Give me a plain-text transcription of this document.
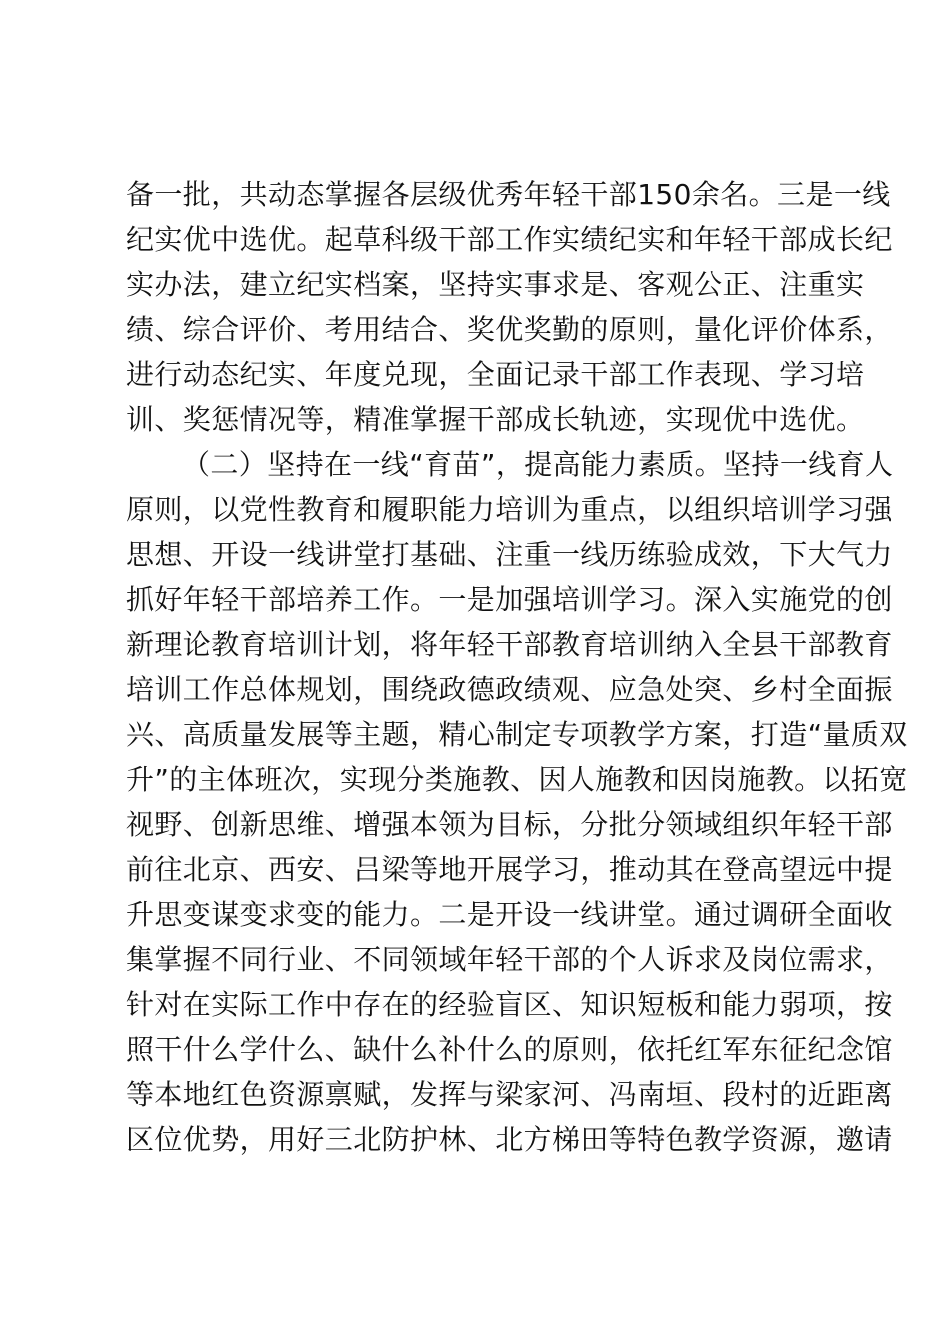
备一批，共动态掌握各层级优秀年轻干部150余名。三是一线
纪实优中选优。起草科级干部工作实绩纪实和年轻干部成长纪
实办法，建立纪实档案，坚持实事求是、客观公正、注重实
绩、综合评价、考用结合、奖优奖勤的原则，量化评价体系，
进行动态纪实、年度兑现，全面记录干部工作表现、学习培
训、奖惩情况等，精准掌握干部成长轨迹，实现优中选优。
（二）坚持在一线“育苗”，提高能力素质。坚持一线育人
原则，以党性教育和履职能力培训为重点，以组织培训学习强
思想、开设一线讲堂打基础、注重一线历练验成效，下大气力
抓好年轻干部培养工作。一是加强培训学习。深入实施党的创
新理论教育培训计划，将年轻干部教育培训纳入全县干部教育
培训工作总体规划，围绕政德政绩观、应急处突、乡村全面振
兴、高质量发展等主题，精心制定专项教学方案，打造“量质双
升”的主体班次，实现分类施教、因人施教和因岗施教。以拓宽
视野、创新思维、增强本领为目标，分批分领域组织年轻干部
前往北京、西安、吕梁等地开展学习，推动其在登高望远中提
升思变谋变求变的能力。二是开设一线讲堂。通过调研全面收
集掌握不同行业、不同领域年轻干部的个人诉求及岗位需求，
针对在实际工作中存在的经验盲区、知识短板和能力弱项，按
照干什么学什么、缺什么补什么的原则，依托红军东征纪念馆
等本地红色资源禀赋，发挥与梁家河、冯南垣、段村的近距离
区位优势，用好三北防护林、北方梯田等特色教学资源，邀请
